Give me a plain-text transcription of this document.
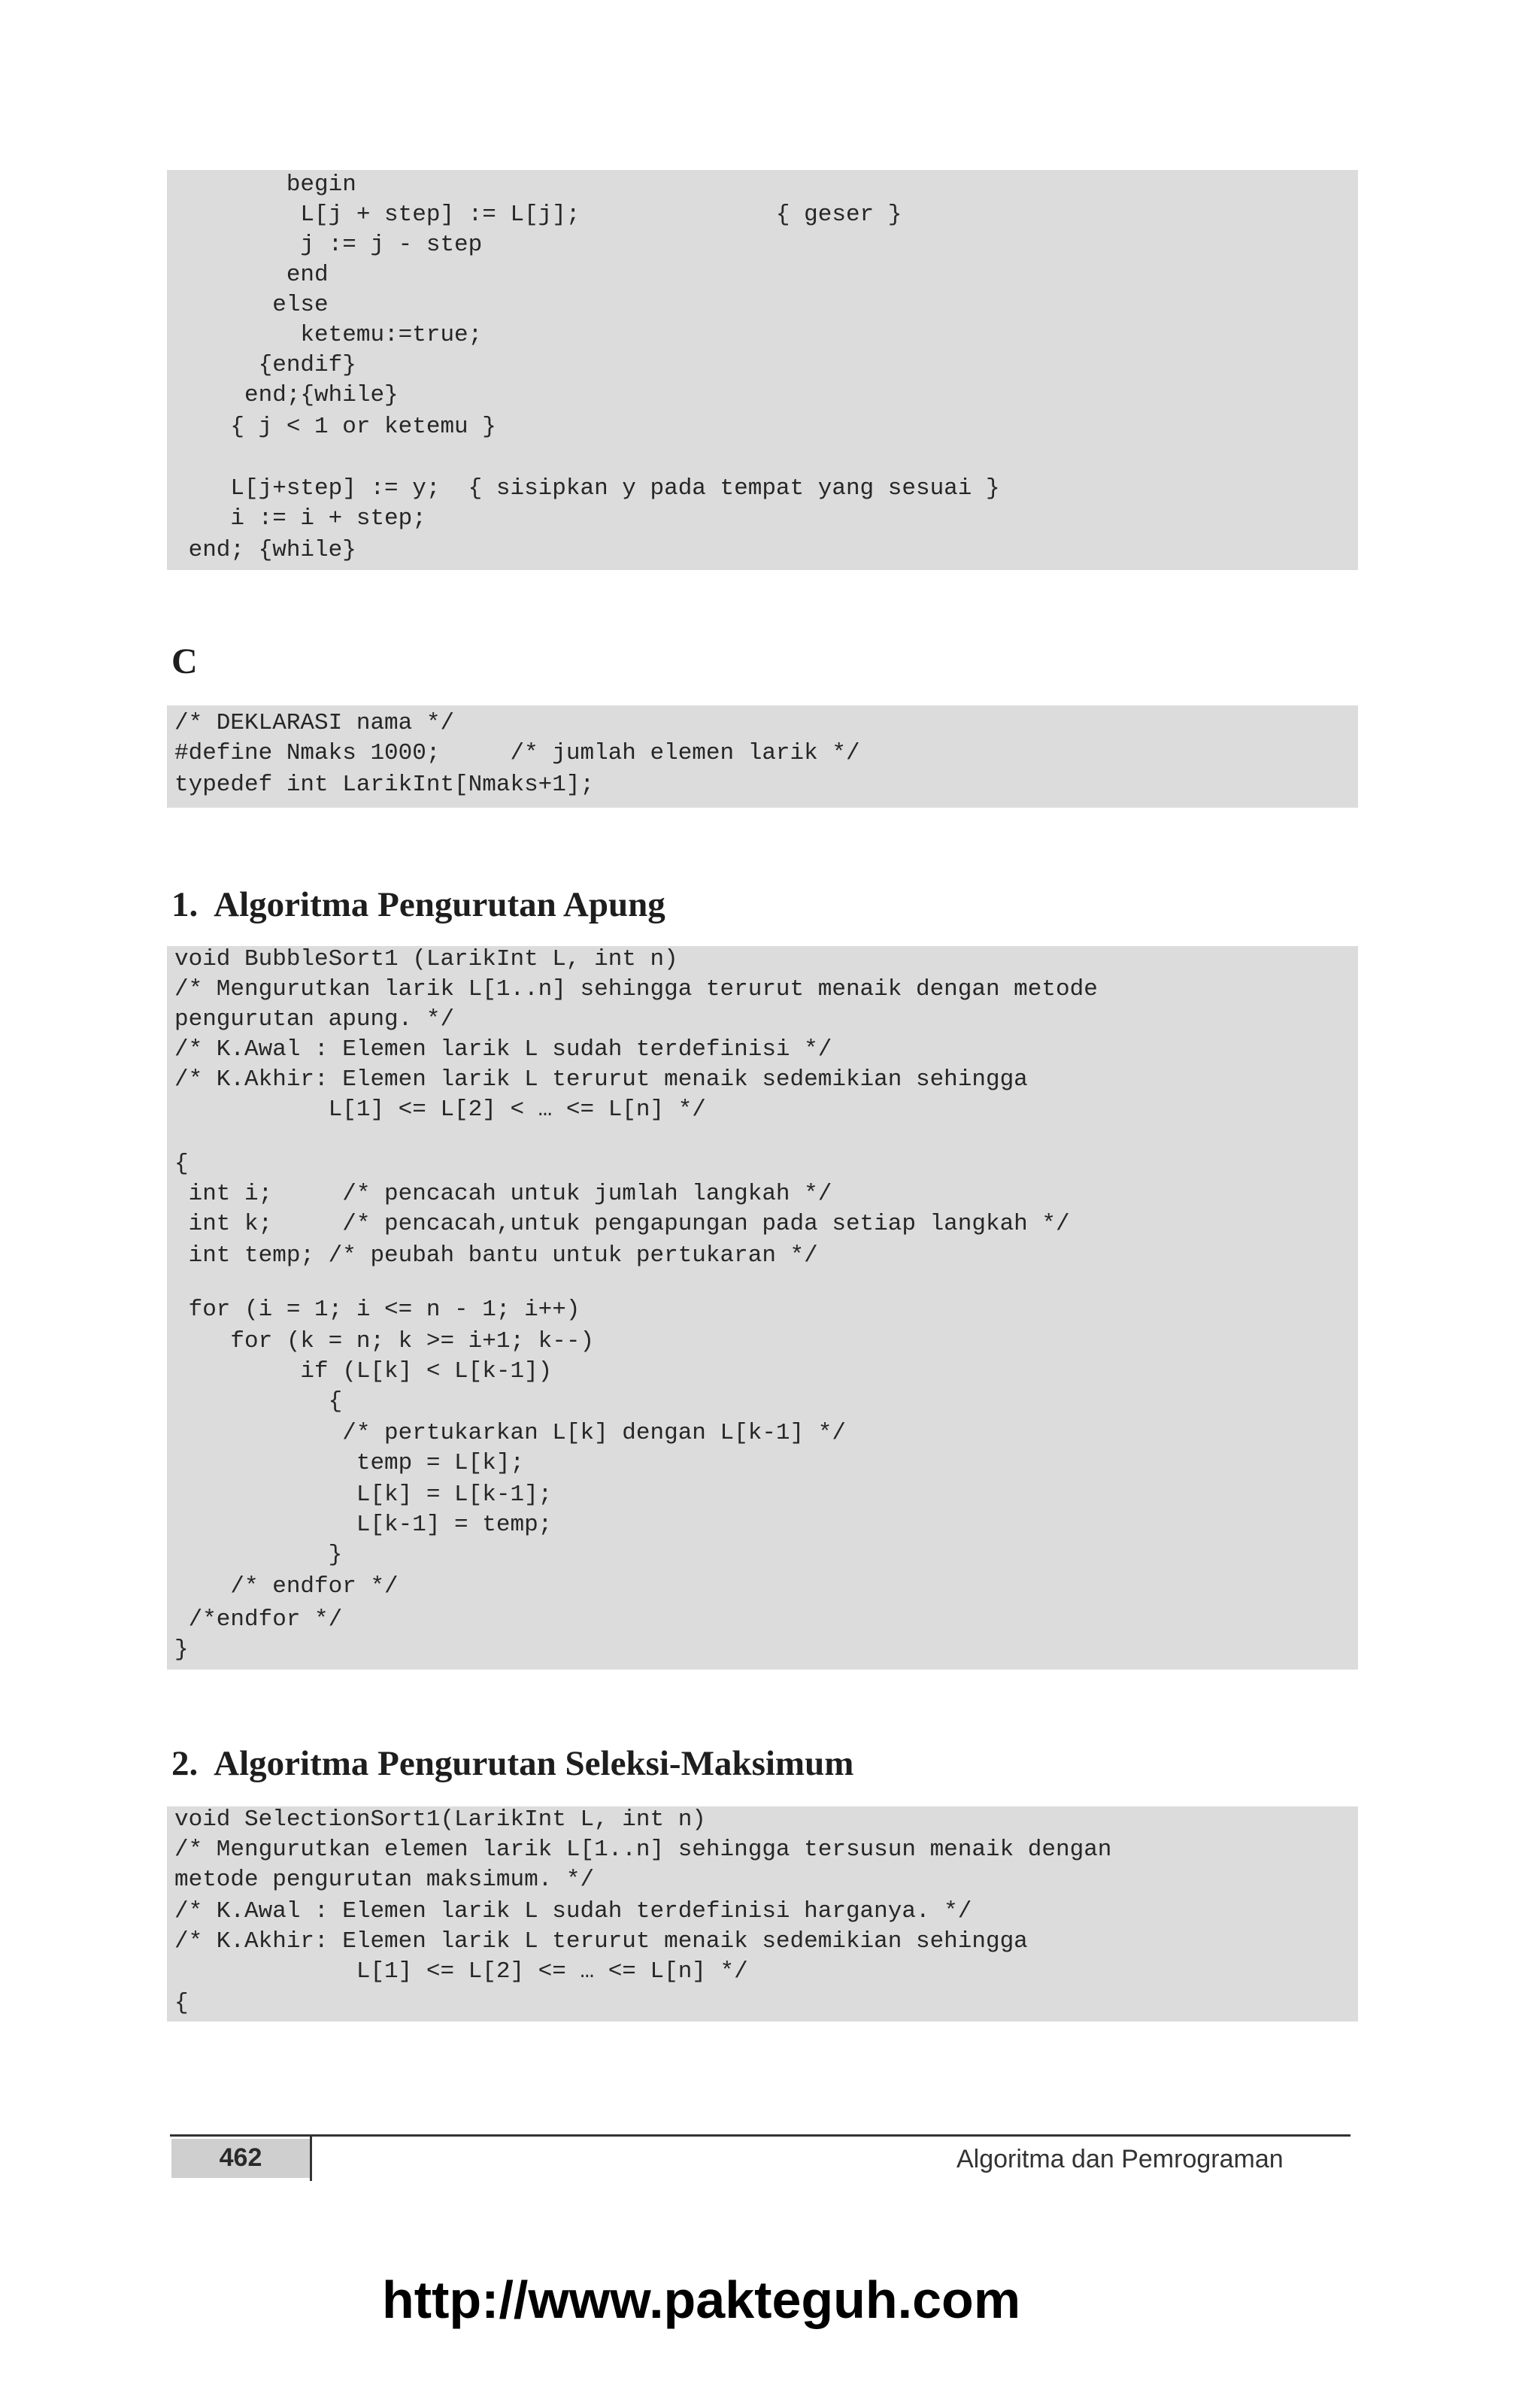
begin
L[j + step] := L[j];              { geser }
j := j - step
end
else
ketemu:=true;
{endif}
end;{while}
{ j < 1 or ketemu }
L[j+step] := y;  { sisipkan y pada tempat yang sesuai }
i := i + step;
end; {while}
C
/* DEKLARASI nama */
#define Nmaks 1000;     /* jumlah elemen larik */
typedef int LarikInt[Nmaks+1];
1.  Algoritma Pengurutan Apung
void BubbleSort1 (LarikInt L, int n)
/* Mengurutkan larik L[1..n] sehingga terurut menaik dengan metode
pengurutan apung. */
/* K.Awal : Elemen larik L sudah terdefinisi */
/* K.Akhir: Elemen larik L terurut menaik sedemikian sehingga
L[1] <= L[2] < … <= L[n] */
{
int i;     /* pencacah untuk jumlah langkah */
int k;     /* pencacah,untuk pengapungan pada setiap langkah */
int temp; /* peubah bantu untuk pertukaran */
for (i = 1; i <= n - 1; i++)
for (k = n; k >= i+1; k--)
if (L[k] < L[k-1])
{
/* pertukarkan L[k] dengan L[k-1] */
temp = L[k];
L[k] = L[k-1];
L[k-1] = temp;
}
/* endfor */
/*endfor */
}
2.  Algoritma Pengurutan Seleksi-Maksimum
void SelectionSort1(LarikInt L, int n)
/* Mengurutkan elemen larik L[1..n] sehingga tersusun menaik dengan
metode pengurutan maksimum. */
/* K.Awal : Elemen larik L sudah terdefinisi harganya. */
/* K.Akhir: Elemen larik L terurut menaik sedemikian sehingga
L[1] <= L[2] <= … <= L[n] */
{
462	Algoritma dan Pemrograman
http://www.pakteguh.com
